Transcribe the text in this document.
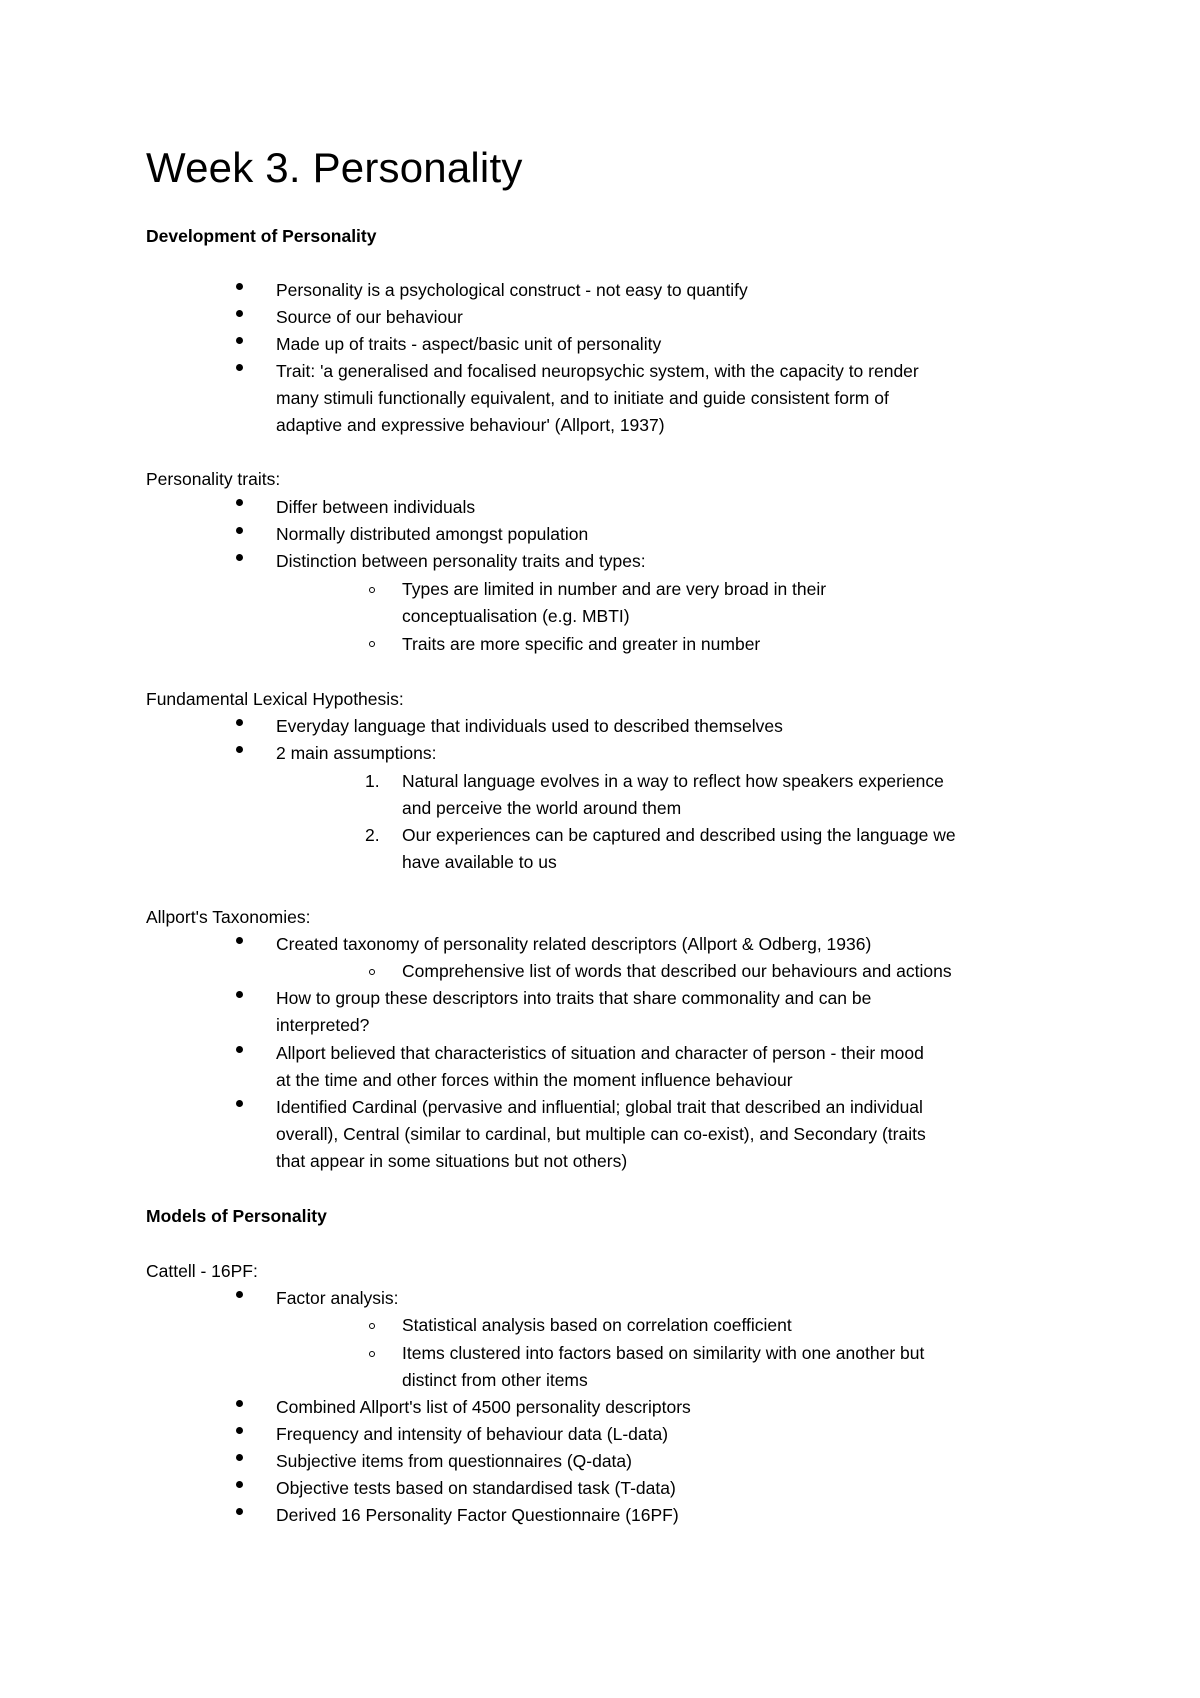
Week 3. Personality
Development of Personality
Personality is a psychological construct - not easy to quantify
Source of our behaviour
Made up of traits - aspect/basic unit of personality
Trait: 'a generalised and focalised neuropsychic system, with the capacity to render
many stimuli functionally equivalent, and to initiate and guide consistent form of
adaptive and expressive behaviour' (Allport, 1937)
Personality traits:
Differ between individuals
Normally distributed amongst population
Distinction between personality traits and types:
Types are limited in number and are very broad in their
conceptualisation (e.g. MBTI)
Traits are more specific and greater in number
Fundamental Lexical Hypothesis:
Everyday language that individuals used to described themselves
2 main assumptions:
1. Natural language evolves in a way to reflect how speakers experience
and perceive the world around them
2. Our experiences can be captured and described using the language we
have available to us
Allport's Taxonomies:
Created taxonomy of personality related descriptors (Allport & Odberg, 1936)
Comprehensive list of words that described our behaviours and actions
How to group these descriptors into traits that share commonality and can be
interpreted?
Allport believed that characteristics of situation and character of person - their mood
at the time and other forces within the moment influence behaviour
Identified Cardinal (pervasive and influential; global trait that described an individual
overall), Central (similar to cardinal, but multiple can co-exist), and Secondary (traits
that appear in some situations but not others)
Models of Personality
Cattell - 16PF:
Factor analysis:
Statistical analysis based on correlation coefficient
Items clustered into factors based on similarity with one another but
distinct from other items
Combined Allport's list of 4500 personality descriptors
Frequency and intensity of behaviour data (L-data)
Subjective items from questionnaires (Q-data)
Objective tests based on standardised task (T-data)
Derived 16 Personality Factor Questionnaire (16PF)
